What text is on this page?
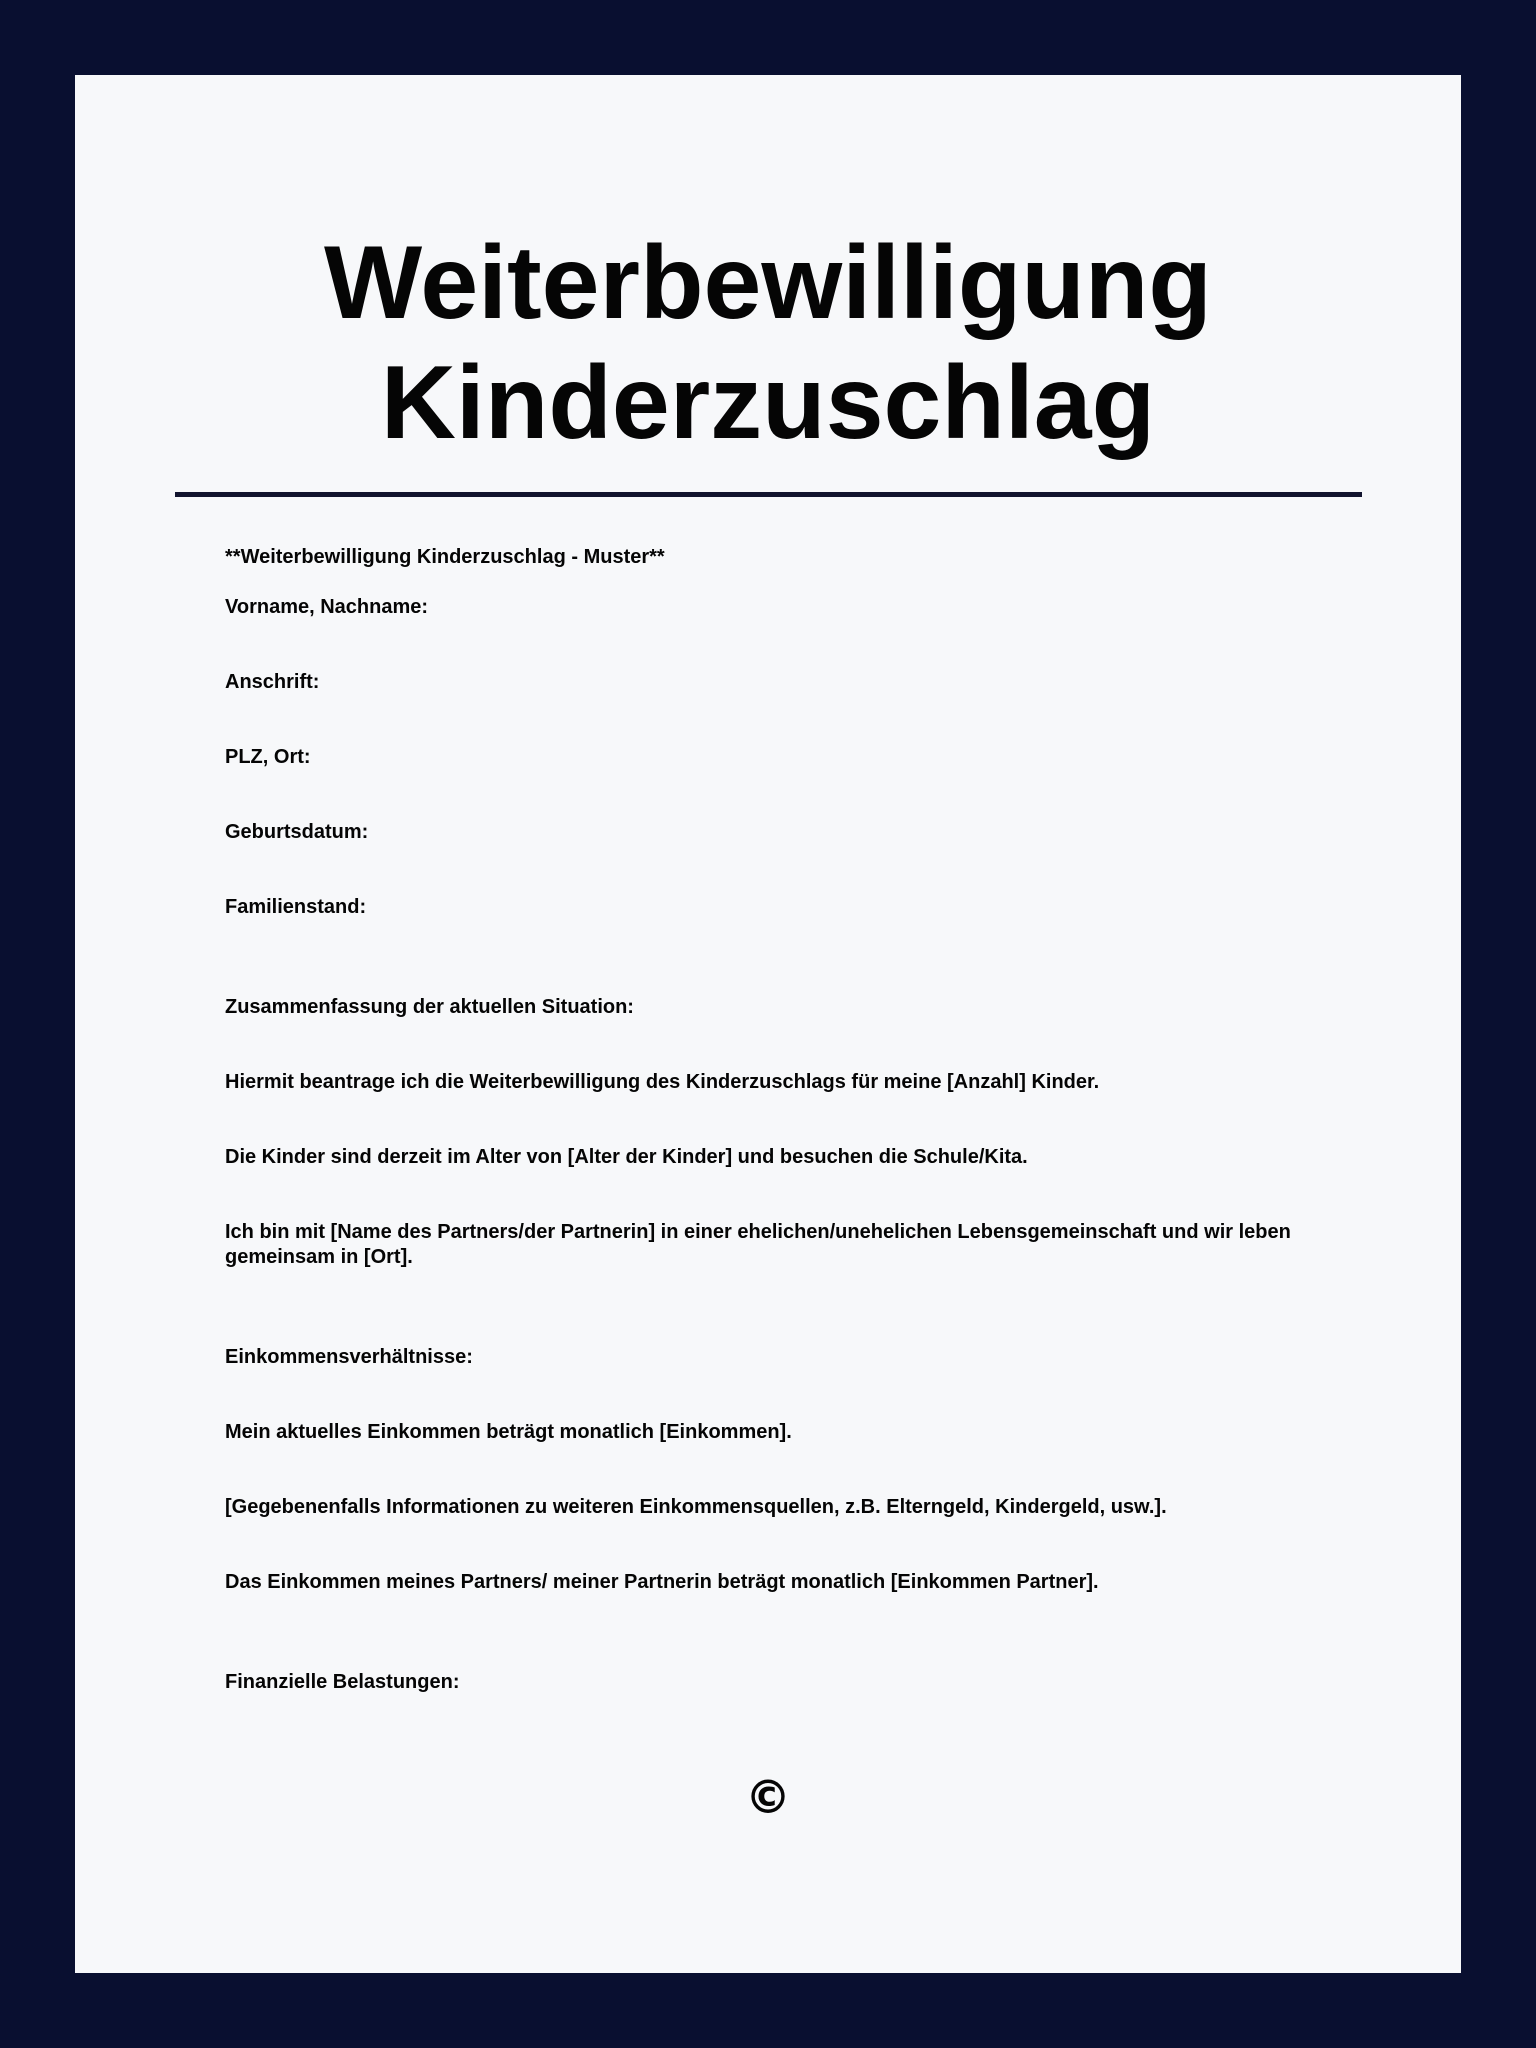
Weiterbewilligung
Kinderzuschlag

**Weiterbewilligung Kinderzuschlag - Muster**

Vorname, Nachname:

Anschrift:

PLZ, Ort:

Geburtsdatum:

Familienstand:

Zusammenfassung der aktuellen Situation:

Hiermit beantrage ich die Weiterbewilligung des Kinderzuschlags für meine [Anzahl] Kinder.

Die Kinder sind derzeit im Alter von [Alter der Kinder] und besuchen die Schule/Kita.

Ich bin mit [Name des Partners/der Partnerin] in einer ehelichen/unehelichen Lebensgemeinschaft und wir leben gemeinsam in [Ort].

Einkommensverhältnisse:

Mein aktuelles Einkommen beträgt monatlich [Einkommen].

[Gegebenenfalls Informationen zu weiteren Einkommensquellen, z.B. Elterngeld, Kindergeld, usw.].

Das Einkommen meines Partners/ meiner Partnerin beträgt monatlich [Einkommen Partner].

Finanzielle Belastungen:

©
